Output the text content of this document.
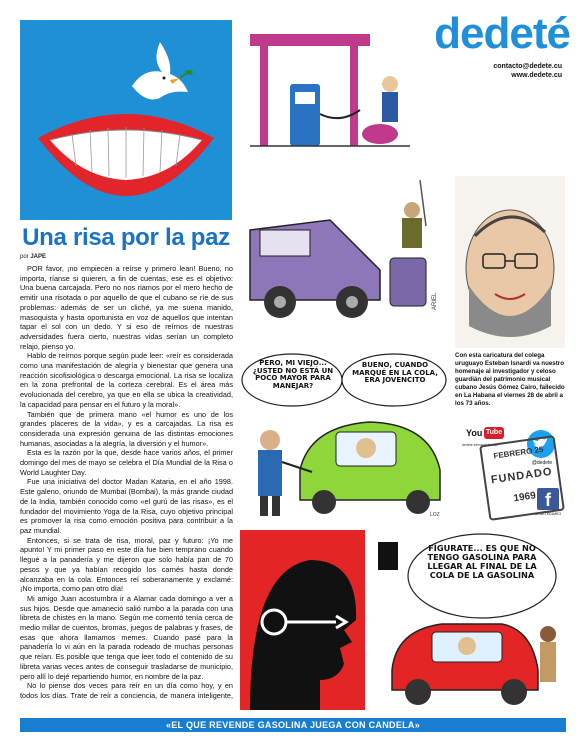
Una risa por la paz
por JAPE

POR favor, ¡no empiecen a reírse y primero lean! Bueno, no importa, ríanse si quieren, a fin de cuentas, ese es el objetivo: Una buena carcajada. Pero no nos riamos por el mero hecho de emitir una risotada o por aquello de que el cubano se ríe de sus problemas: además de ser un cliché, ya me suena manido, masoquista y hasta oportunista en voz de aquellos que intentan tapar el sol con un dedo. Y si eso de reírnos de nuestras adversidades fuera cierto, nuestras vidas serían un completo relajo, pienso yo.

Hablo de reírnos porque según pude leer: «reír es considerada como una manifestación de alegría y bienestar que genera una reacción sicofisiológica o descarga emocional. La risa se localiza en la zona prefrontal de la corteza cerebral. Es el área más evolucionada del cerebro, ya que en ella se ubica la creatividad, la capacidad para pensar en el futuro y la moral».

También que de primera mano «el humor es uno de los grandes placeres de la vida», y es a carcajadas. La risa es considerada una expresión genuina de las distintas emociones humanas, asociadas a la alegría, la diversión y el humor».

Esta es la razón por la que, desde hace varios años, el primer domingo del mes de mayo se celebra el Día Mundial de la Risa o World Laughter Day.

Fue una iniciativa del doctor Madan Kataria, en el año 1998. Este galeno, oriundo de Mumbai (Bombai), la más grande ciudad de la India, también conocido como «el gurú de las risas», es el fundador del movimiento Yoga de la Risa, cuyo objetivo principal es promover la risa como emoción positiva para contribuir a la paz mundial.

Entonces, si se trata de risa, moral, paz y futuro: ¡Yo me apunto! Y mi primer paso en este día fue bien temprano cuando llegué a la panadería y me dijeron que solo había pan de 70 pesos y que ya habían recogido los carnés hasta donde alcanzaba en la cola. Entonces reí soberanamente y exclamé: ¡No importa, como pan otro día!

Mi amigo Juan acostumbra ir a Alamar cada domingo a ver a sus hijos. Desde que amaneció salió rumbo a la parada con una libreta de chistes en la mano. Según me comentó tenía cerca de medio millar de cuentos, bromas, juegos de palabras y frases, de esas que ahora llamamos memes. Cuando pasé para la panadería lo vi aún en la parada rodeado de muchas personas que reían. Es posible que tenga que leer todo el contenido de su libreta varias veces antes de conseguir trasladarse de municipio, pero allí lo dejé repartiendo humor, en nombre de la paz.

No lo piense dos veces para reír en un día como hoy, y en todos los días. Trate de reír a conciencia, de manera inteligente,

dedeté
contacto@dedete.cu
www.dedete.cu
ARIEL
Con esta caricatura del colega uruguayo Esteban Isnardi va nuestro homenaje al investigador y celoso guardián del patrimonio musical cubano Jesús Gómez Cairo, fallecido en La Habana el viernes 28 de abril a los 73 años.
LOZ
PERO, MI VIEJO... ¿USTED NO ESTÁ UN POCO MAYOR PARA MANEJAR?
BUENO, CUANDO MARQUÉ EN LA COLA, ERA JOVENCITO
You Tube
dedete semanal humor
@dedete
f
DEDETEDIARIO
FEBRERO 25
FUNDADO
1969
FÍGURATE... ES QUE NO TENGO GASOLINA PARA LLEGAR AL FINAL DE LA COLA DE LA GASOLINA
«EL QUE REVENDE GASOLINA JUEGA CON CANDELA»
